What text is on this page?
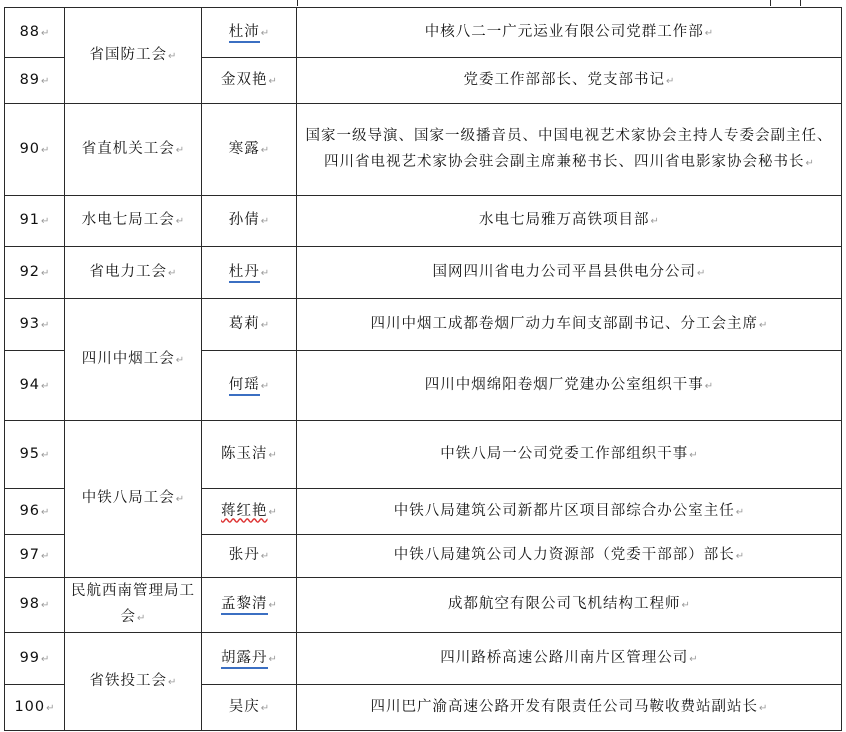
88↵	省国防工会↵	杜沛↵	中核八二一广元运业有限公司党群工作部↵
89↵		金双艳↵	党委工作部部长、党支部书记↵
90↵	省直机关工会↵	寒露↵	国家一级导演、国家一级播音员、中国电视艺术家协会主持人专委会副主任、四川省电视艺术家协会驻会副主席兼秘书长、四川省电影家协会秘书长↵
91↵	水电七局工会↵	孙倩↵	水电七局雅万高铁项目部↵
92↵	省电力工会↵	杜丹↵	国网四川省电力公司平昌县供电分公司↵
93↵	四川中烟工会↵	葛莉↵	四川中烟工成都卷烟厂动力车间支部副书记、分工会主席↵
94↵		何瑶↵	四川中烟绵阳卷烟厂党建办公室组织干事↵
95↵	中铁八局工会↵	陈玉洁↵	中铁八局一公司党委工作部组织干事↵
96↵		蒋红艳↵	中铁八局建筑公司新都片区项目部综合办公室主任↵
97↵		张丹↵	中铁八局建筑公司人力资源部（党委干部部）部长↵
98↵	民航西南管理局工会↵	孟黎清↵	成都航空有限公司飞机结构工程师↵
99↵	省铁投工会↵	胡露丹↵	四川路桥高速公路川南片区管理公司↵
100↵		吴庆↵	四川巴广渝高速公路开发有限责任公司马鞍收费站副站长↵
